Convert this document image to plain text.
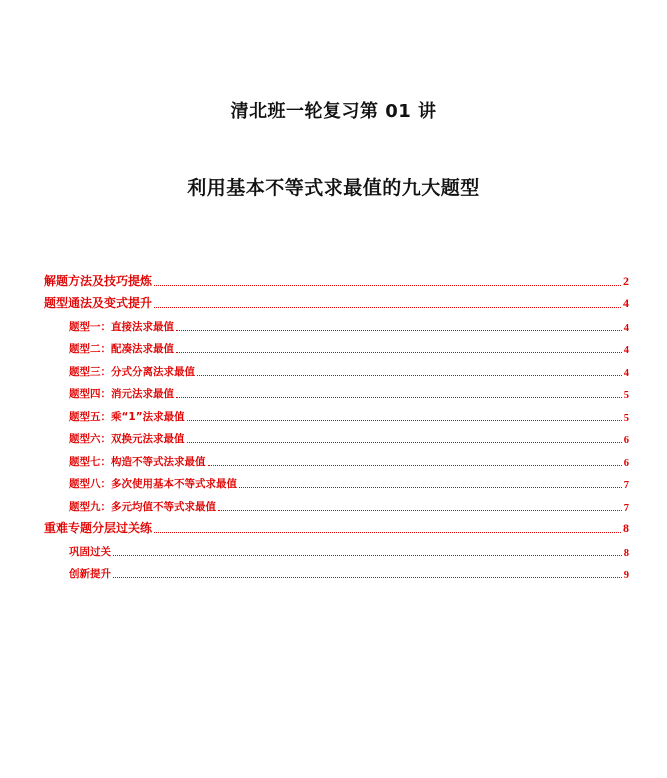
清北班一轮复习第 01 讲
利用基本不等式求最值的九大题型
解题方法及技巧提炼	2
题型通法及变式提升	4
题型一：直接法求最值	4
题型二：配凑法求最值	4
题型三：分式分离法求最值	4
题型四：消元法求最值	5
题型五：乘“1”法求最值	5
题型六：双换元法求最值	6
题型七：构造不等式法求最值	6
题型八：多次使用基本不等式求最值	7
题型九：多元均值不等式求最值	7
重难专题分层过关练	8
巩固过关	8
创新提升	9
